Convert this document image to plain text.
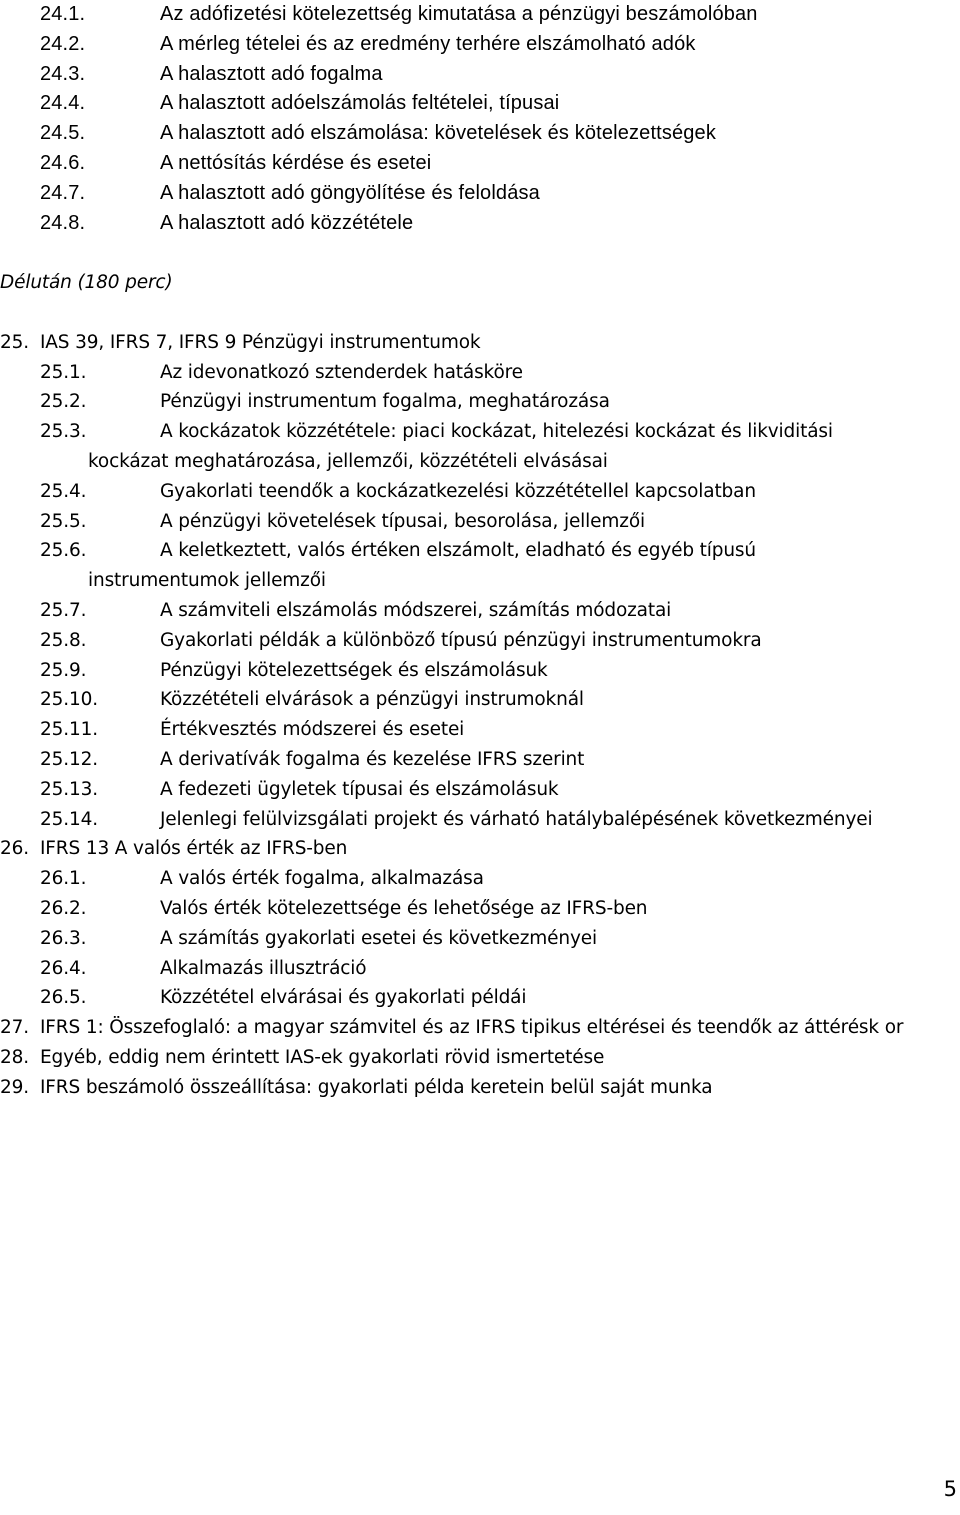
24.1.	Az adófizetési kötelezettség kimutatása a pénzügyi beszámolóban
24.2.	A mérleg tételei és az eredmény terhére elszámolható adók
24.3.	A halasztott adó fogalma
24.4.	A halasztott adóelszámolás feltételei, típusai
24.5.	A halasztott adó elszámolása: követelések és kötelezettségek
24.6.	A nettósítás kérdése és esetei
24.7.	A halasztott adó göngyölítése és feloldása
24.8.	A halasztott adó közzététele
Délután (180 perc)
25. IAS 39, IFRS 7, IFRS 9 Pénzügyi instrumentumok
25.1.	Az idevonatkozó sztenderdek hatásköre
25.2.	Pénzügyi instrumentum fogalma, meghatározása
25.3.	A kockázatok közzététele: piaci kockázat, hitelezési kockázat és likviditási
kockázat meghatározása, jellemzői, közzétételi elvásásai
25.4.	Gyakorlati teendők a kockázatkezelési közzététellel kapcsolatban
25.5.	A pénzügyi követelések típusai, besorolása, jellemzői
25.6.	A keletkeztett, valós értéken elszámolt, eladható és egyéb típusú
instrumentumok jellemzői
25.7.	A számviteli elszámolás módszerei, számítás módozatai
25.8.	Gyakorlati példák a különböző típusú pénzügyi instrumentumokra
25.9.	Pénzügyi kötelezettségek és elszámolásuk
25.10.	Közzétételi elvárások a pénzügyi instrumoknál
25.11.	Értékvesztés módszerei és esetei
25.12.	A derivatívák fogalma és kezelése IFRS szerint
25.13.	A fedezeti ügyletek típusai és elszámolásuk
25.14.	Jelenlegi felülvizsgálati projekt és várható hatálybalépésének következményei
26. IFRS 13 A valós érték az IFRS-ben
26.1.	A valós érték fogalma, alkalmazása
26.2.	Valós érték kötelezettsége és lehetősége az IFRS-ben
26.3.	A számítás gyakorlati esetei és következményei
26.4.	Alkalmazás illusztráció
26.5.	Közzététel elvárásai és gyakorlati példái
27. IFRS 1: Összefoglaló: a magyar számvitel és az IFRS tipikus eltérései és teendők az áttérésk or
28. Egyéb, eddig nem érintett IAS-ek gyakorlati rövid ismertetése
29. IFRS beszámoló összeállítása: gyakorlati példa keretein belül saját munka
5
